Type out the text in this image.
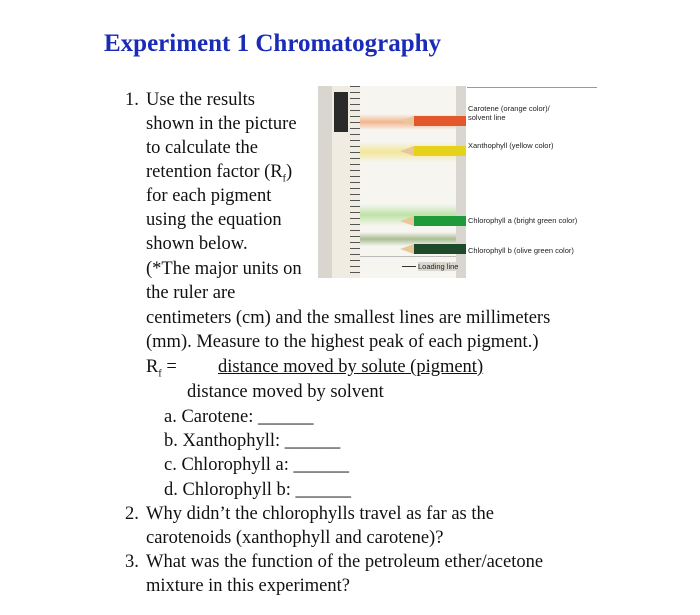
Experiment 1 Chromatography
1. Use the results
shown in the picture
to calculate the
retention factor $(R_f)$
for each pigment
using the equation
shown below.
(*The major units on
the ruler are
centimeters (cm) and the smallest lines are millimeters
(mm). Measure to the highest peak of each pigment.)
$R_f$ = distance moved by solute (pigment)
distance moved by solvent
a. Carotene: ______
b. Xanthophyll: ______
c. Chlorophyll a: ______
d. Chlorophyll b: ______
2. Why didn’t the chlorophylls travel as far as the
carotenoids (xanthophyll and carotene)?
3. What was the function of the petroleum ether/acetone
mixture in this experiment?
Carotene (orange color)/
solvent line
Xanthophyll (yellow color)
Chlorophyll a (bright green color)
Chlorophyll b (olive green color)
Loading line
